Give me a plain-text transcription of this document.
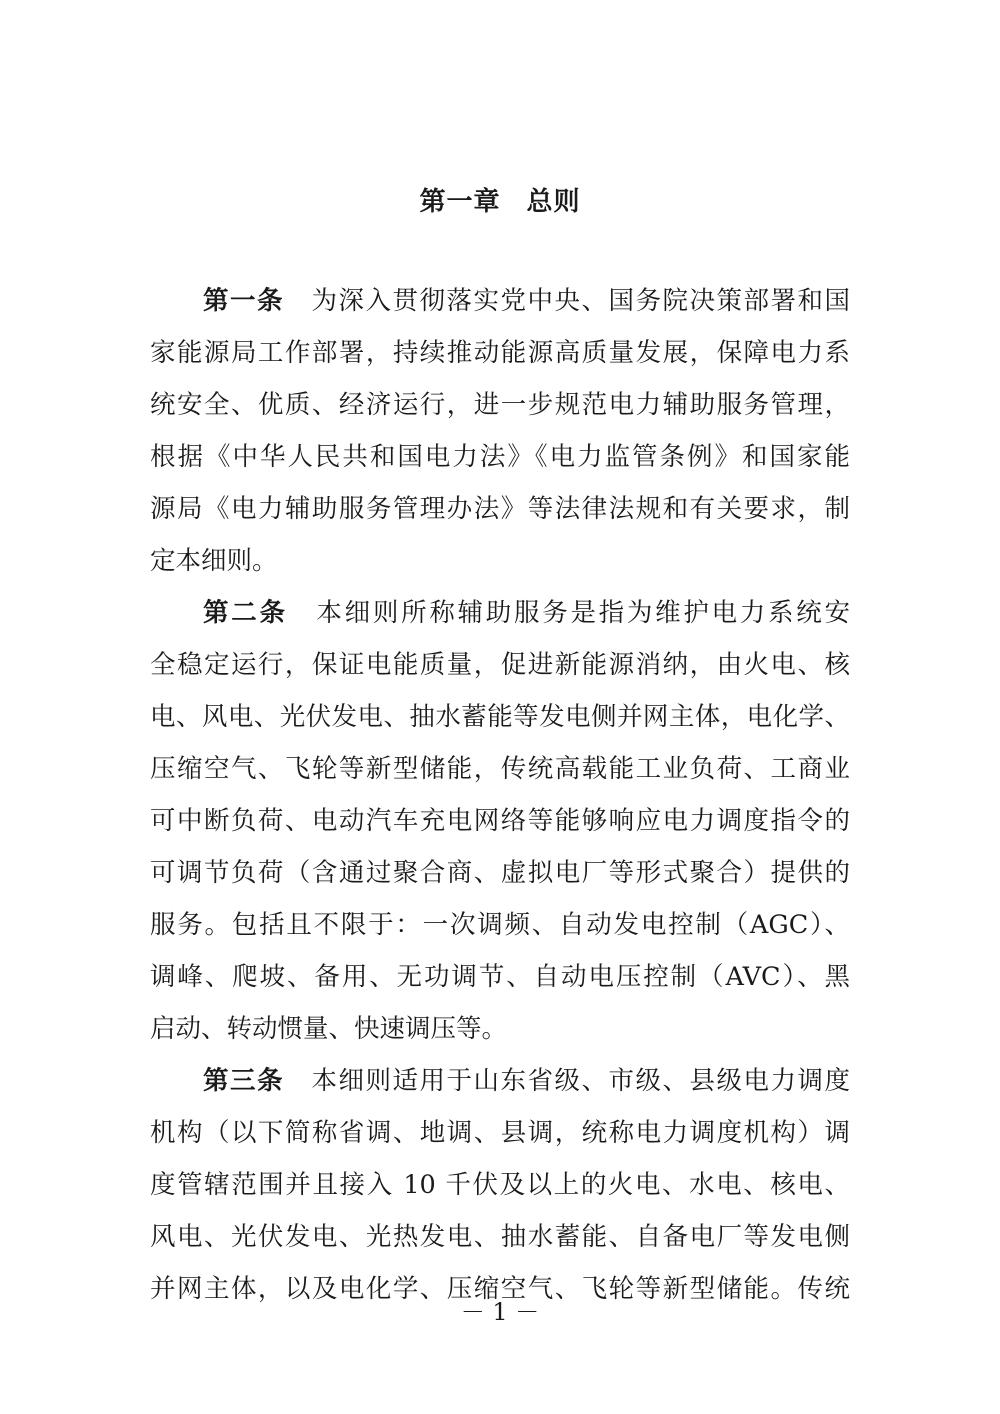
第一章 总则
第一条 为深入贯彻落实党中央、国务院决策部署和国
家能源局工作部署，持续推动能源高质量发展，保障电力系
统安全、优质、经济运行，进一步规范电力辅助服务管理，
根据《中华人民共和国电力法》《电力监管条例》和国家能
源局《电力辅助服务管理办法》等法律法规和有关要求，制
定本细则。
第二条 本细则所称辅助服务是指为维护电力系统安
全稳定运行，保证电能质量，促进新能源消纳，由火电、核
电、风电、光伏发电、抽水蓄能等发电侧并网主体，电化学、
压缩空气、飞轮等新型储能，传统高载能工业负荷、工商业
可中断负荷、电动汽车充电网络等能够响应电力调度指令的
可调节负荷（含通过聚合商、虚拟电厂等形式聚合）提供的
服务。包括且不限于：一次调频、自动发电控制（AGC）、
调峰、爬坡、备用、无功调节、自动电压控制（AVC）、黑
启动、转动惯量、快速调压等。
第三条 本细则适用于山东省级、市级、县级电力调度
机构（以下简称省调、地调、县调，统称电力调度机构）调
度管辖范围并且接入 10 千伏及以上的火电、水电、核电、
风电、光伏发电、光热发电、抽水蓄能、自备电厂等发电侧
并网主体，以及电化学、压缩空气、飞轮等新型储能。传统
－ 1 －
